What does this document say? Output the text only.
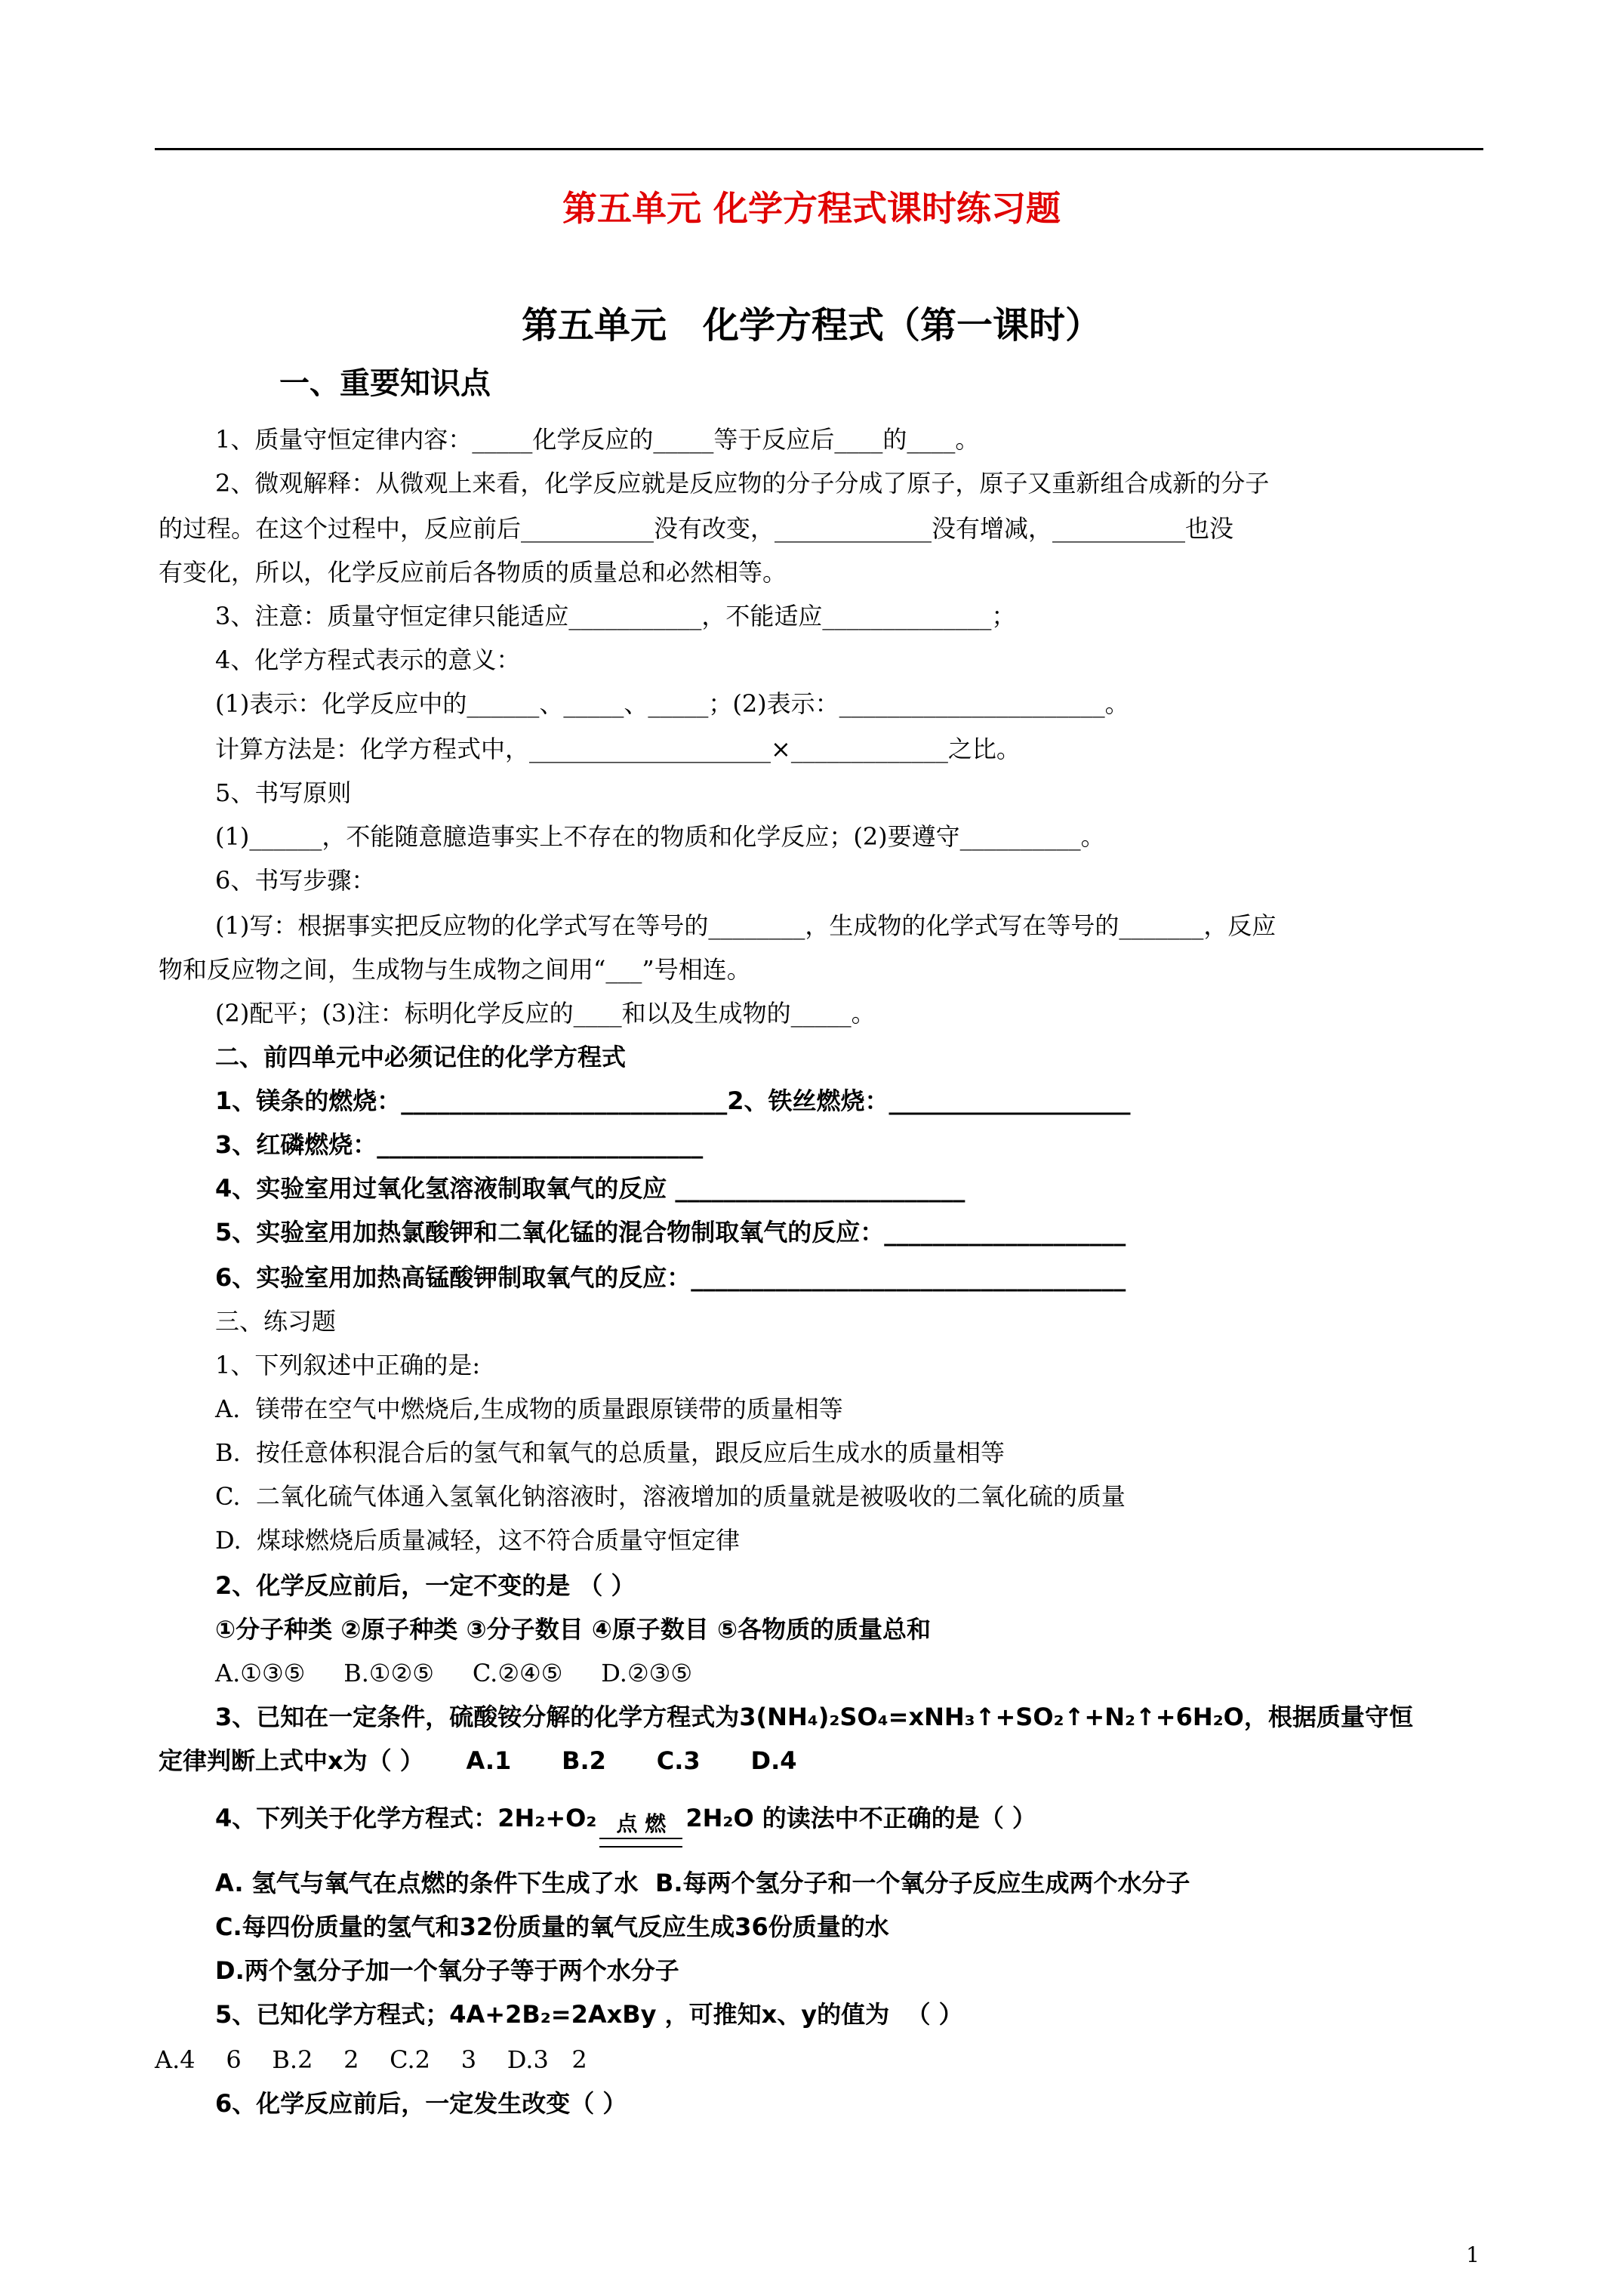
第五单元 化学方程式课时练习题
第五单元　化学方程式（第一课时）
一、重要知识点
1、质量守恒定律内容：_____化学反应的_____等于反应后____的____。
2、微观解释：从微观上来看，化学反应就是反应物的分子分成了原子，原子又重新组合成新的分子
的过程。在这个过程中，反应前后___________没有改变，_____________没有增减，___________也没
有变化，所以，化学反应前后各物质的质量总和必然相等。
3、注意：质量守恒定律只能适应___________，不能适应______________；
4、化学方程式表示的意义：
(1)表示：化学反应中的______、_____、_____；(2)表示：______________________。
计算方法是：化学方程式中，____________________×_____________之比。
5、书写原则
(1)______，不能随意臆造事实上不存在的物质和化学反应；(2)要遵守__________。
6、书写步骤：
(1)写：根据事实把反应物的化学式写在等号的________，生成物的化学式写在等号的_______，反应
物和反应物之间，生成物与生成物之间用“___”号相连。
(2)配平；(3)注：标明化学反应的____和以及生成物的_____。
二、前四单元中必须记住的化学方程式
1、镁条的燃烧：___________________________2、铁丝燃烧：____________________
3、红磷燃烧：___________________________
4、实验室用过氧化氢溶液制取氧气的反应 ________________________
5、实验室用加热氯酸钾和二氧化锰的混合物制取氧气的反应：____________________
6、实验室用加热高锰酸钾制取氧气的反应：____________________________________
三、练习题
1、下列叙述中正确的是:
A.  镁带在空气中燃烧后,生成物的质量跟原镁带的质量相等
B.  按任意体积混合后的氢气和氧气的总质量，跟反应后生成水的质量相等
C.  二氧化硫气体通入氢氧化钠溶液时，溶液增加的质量就是被吸收的二氧化硫的质量
D.  煤球燃烧后质量减轻，这不符合质量守恒定律
2、化学反应前后，一定不变的是 （ ）
①分子种类 ②原子种类 ③分子数目 ④原子数目 ⑤各物质的质量总和
A.①③⑤     B.①②⑤     C.②④⑤     D.②③⑤
3、已知在一定条件，硫酸铵分解的化学方程式为3(NH₄)₂SO₄=xNH₃↑+SO₂↑+N₂↑+6H₂O，根据质量守恒
定律判断上式中x为（ ）     A.1      B.2      C.3      D.4
4、下列关于化学方程式：2H₂+O₂ 点 燃 2H₂O 的读法中不正确的是（ ）
A. 氢气与氧气在点燃的条件下生成了水  B.每两个氢分子和一个氧分子反应生成两个水分子
C.每四份质量的氢气和32份质量的氧气反应生成36份质量的水
D.两个氢分子加一个氧分子等于两个水分子
5、已知化学方程式；4A+2B₂=2AxBy ，可推知x、y的值为  （ ）
A.4    6    B.2    2    C.2    3    D.3   2
6、化学反应前后，一定发生改变（ ）
1
